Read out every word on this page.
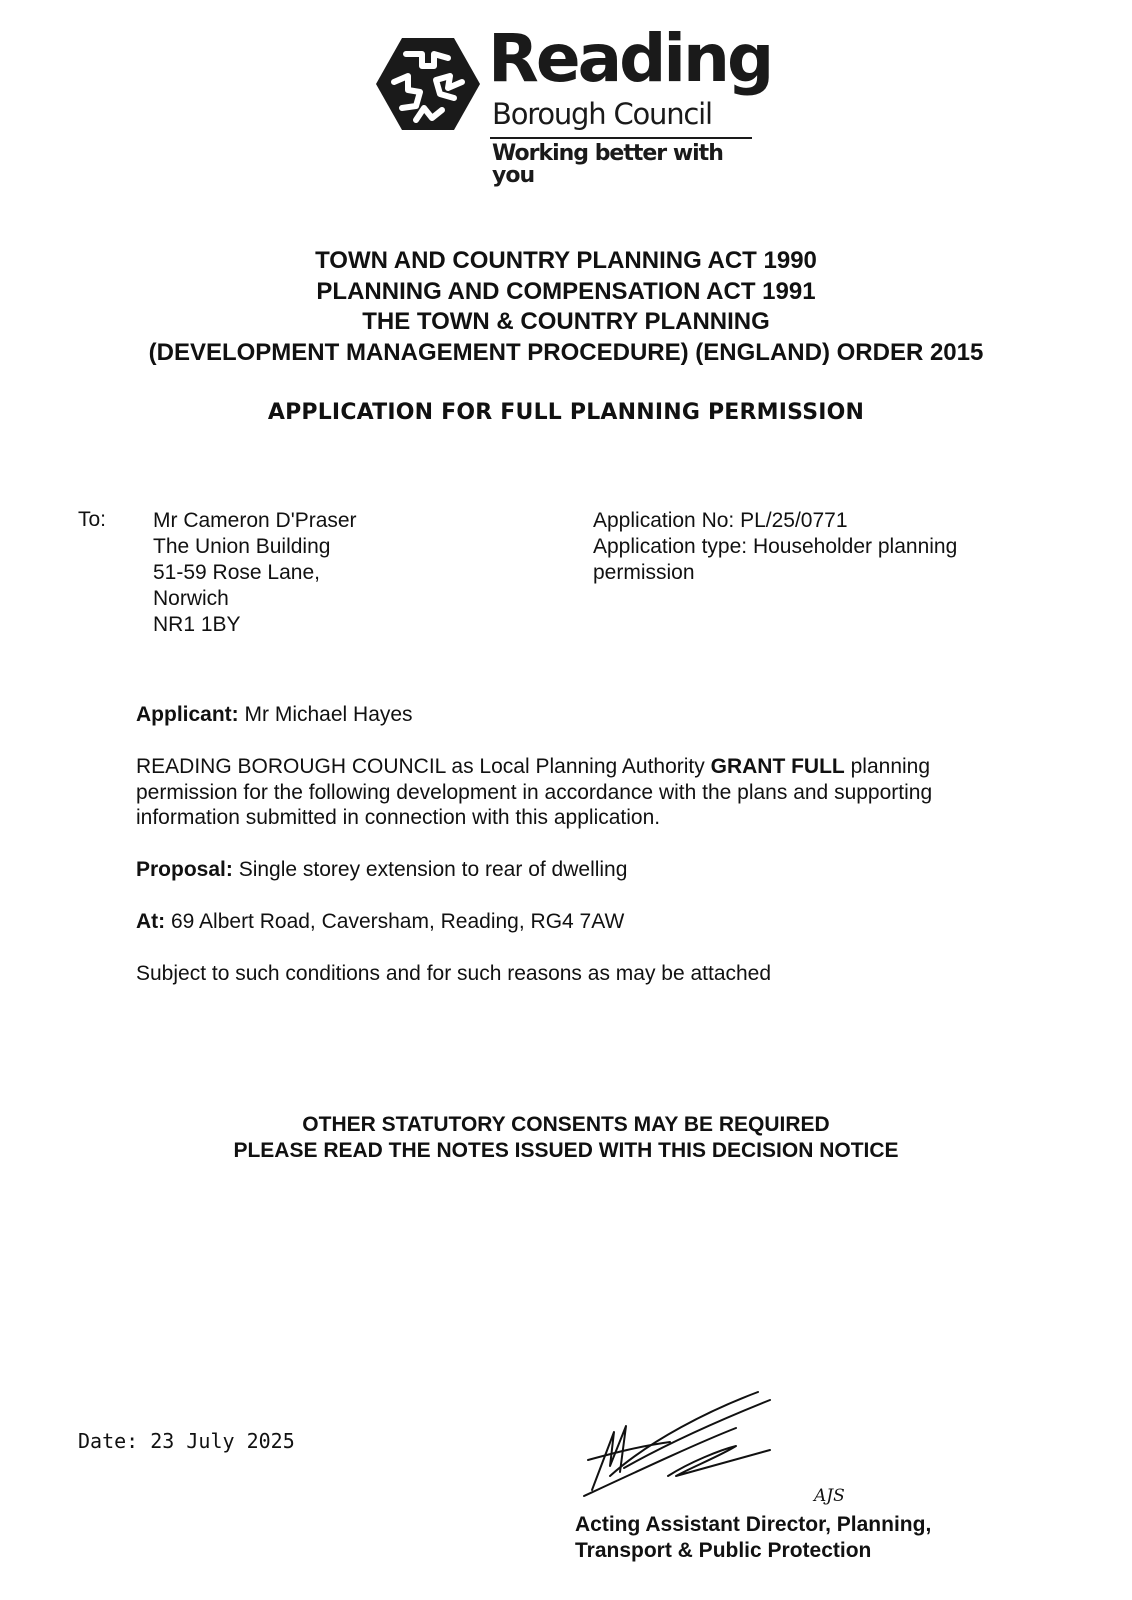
Reading
Borough Council
Working better with you
TOWN AND COUNTRY PLANNING ACT 1990
PLANNING AND COMPENSATION ACT 1991
THE TOWN & COUNTRY PLANNING
(DEVELOPMENT MANAGEMENT PROCEDURE) (ENGLAND) ORDER 2015
APPLICATION FOR FULL PLANNING PERMISSION
To: Mr Cameron D'Praser
The Union Building
51-59 Rose Lane,
Norwich
NR1 1BY
Application No: PL/25/0771
Application type: Householder planning permission
Applicant: Mr Michael Hayes
READING BOROUGH COUNCIL as Local Planning Authority GRANT FULL planning permission for the following development in accordance with the plans and supporting information submitted in connection with this application.
Proposal: Single storey extension to rear of dwelling
At: 69 Albert Road, Caversham, Reading, RG4 7AW
Subject to such conditions and for such reasons as may be attached
OTHER STATUTORY CONSENTS MAY BE REQUIRED
PLEASE READ THE NOTES ISSUED WITH THIS DECISION NOTICE
Date: 23 July 2025
AJS
Acting Assistant Director, Planning,
Transport & Public Protection
